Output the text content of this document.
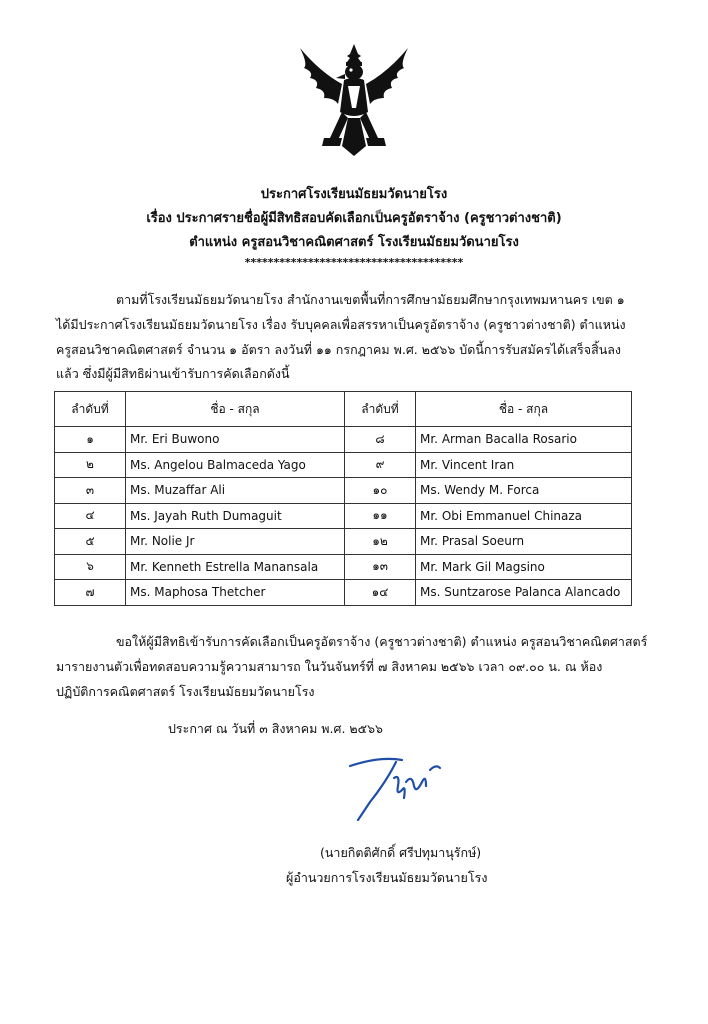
ประกาศโรงเรียนมัธยมวัดนายโรง
เรื่อง ประกาศรายชื่อผู้มีสิทธิสอบคัดเลือกเป็นครูอัตราจ้าง (ครูชาวต่างชาติ)
ตำแหน่ง ครูสอนวิชาคณิตศาสตร์ โรงเรียนมัธยมวัดนายโรง
**************************************
ตามที่โรงเรียนมัธยมวัดนายโรง สำนักงานเขตพื้นที่การศึกษามัธยมศึกษากรุงเทพมหานคร เขต ๑
ได้มีประกาศโรงเรียนมัธยมวัดนายโรง เรื่อง รับบุคคลเพื่อสรรหาเป็นครูอัตราจ้าง (ครูชาวต่างชาติ) ตำแหน่ง
ครูสอนวิชาคณิตศาสตร์ จำนวน ๑ อัตรา ลงวันที่ ๑๑ กรกฎาคม พ.ศ. ๒๕๖๖ บัดนี้การรับสมัครได้เสร็จสิ้นลง
แล้ว ซึ่งมีผู้มีสิทธิผ่านเข้ารับการคัดเลือกดังนี้
ลำดับที่	ชื่อ - สกุล	ลำดับที่	ชื่อ - สกุล
๑	Mr. Eri Buwono	๘	Mr. Arman Bacalla Rosario
๒	Ms. Angelou Balmaceda Yago	๙	Mr. Vincent Iran
๓	Ms. Muzaffar Ali	๑๐	Ms. Wendy M. Forca
๔	Ms. Jayah Ruth Dumaguit	๑๑	Mr. Obi Emmanuel Chinaza
๕	Mr. Nolie Jr	๑๒	Mr. Prasal Soeurn
๖	Mr. Kenneth Estrella Manansala	๑๓	Mr. Mark Gil Magsino
๗	Ms. Maphosa Thetcher	๑๔	Ms. Suntzarose Palanca Alancado
ขอให้ผู้มีสิทธิเข้ารับการคัดเลือกเป็นครูอัตราจ้าง (ครูชาวต่างชาติ) ตำแหน่ง ครูสอนวิชาคณิตศาสตร์
มารายงานตัวเพื่อทดสอบความรู้ความสามารถ ในวันจันทร์ที่ ๗ สิงหาคม ๒๕๖๖ เวลา ๐๙.๐๐ น. ณ ห้อง
ปฏิบัติการคณิตศาสตร์ โรงเรียนมัธยมวัดนายโรง
ประกาศ ณ วันที่ ๓ สิงหาคม พ.ศ. ๒๕๖๖
(นายกิตติศักดิ์ ศรีปทุมานุรักษ์)
ผู้อำนวยการโรงเรียนมัธยมวัดนายโรง
